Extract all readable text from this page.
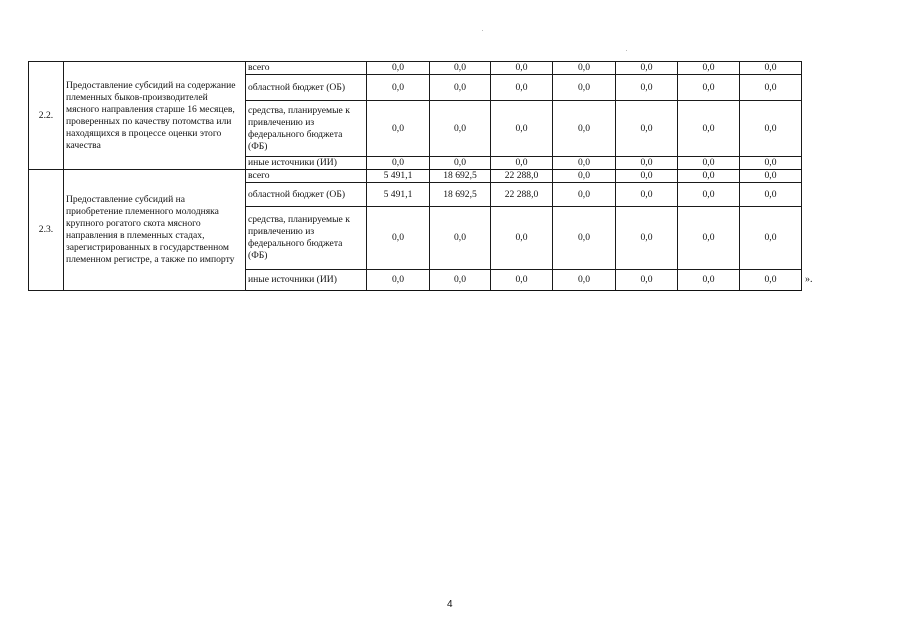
2.2.	Предоставление субсидий на содержание племенных быков-производителей мясного направления старше 16 месяцев, проверенных по качеству потомства или находящихся в процессе оценки этого качества	всего	0,0	0,0	0,0	0,0	0,0	0,0	0,0
		областной бюджет (ОБ)	0,0	0,0	0,0	0,0	0,0	0,0	0,0
		средства, планируемые к привлечению из федерального бюджета (ФБ)	0,0	0,0	0,0	0,0	0,0	0,0	0,0
		иные источники (ИИ)	0,0	0,0	0,0	0,0	0,0	0,0	0,0
2.3.	Предоставление субсидий на приобретение племенного молодняка крупного рогатого скота мясного направления в племенных стадах, зарегистрированных в государственном племенном регистре, а также по импорту	всего	5 491,1	18 692,5	22 288,0	0,0	0,0	0,0	0,0
		областной бюджет (ОБ)	5 491,1	18 692,5	22 288,0	0,0	0,0	0,0	0,0
		средства, планируемые к привлечению из федерального бюджета (ФБ)	0,0	0,0	0,0	0,0	0,0	0,0	0,0
		иные источники (ИИ)	0,0	0,0	0,0	0,0	0,0	0,0	0,0	».
4
